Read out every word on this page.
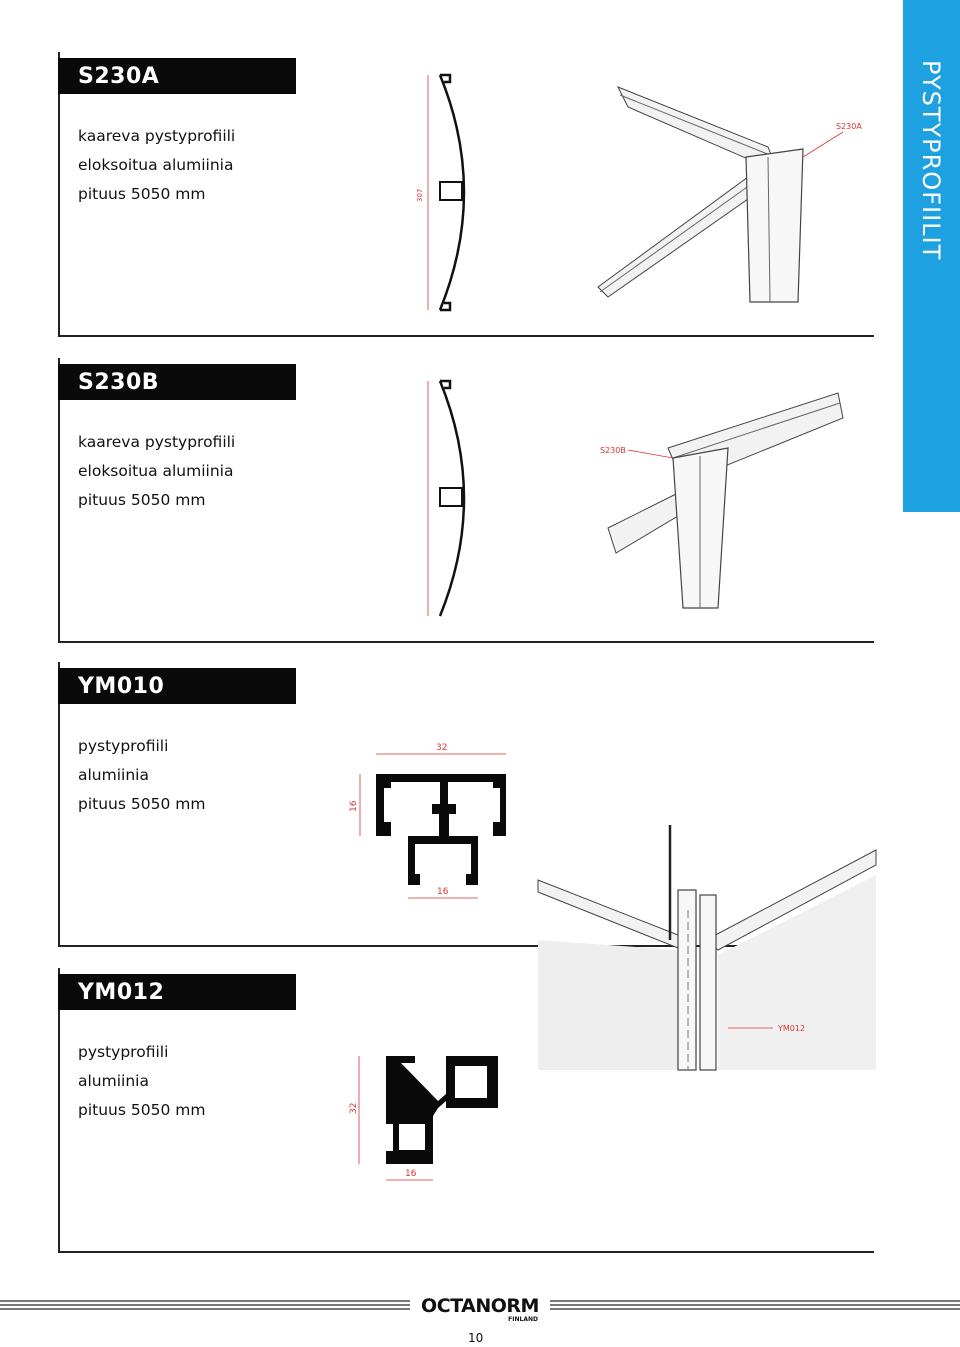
PYSTYPROFIILIT
S230A
kaareva pystyprofiili
eloksoitua alumiinia
pituus 5050 mm	307
S230A
S230B
kaareva pystyprofiili
eloksoitua alumiinia
pituus 5050 mm
S230B
YM010
pystyprofiili
alumiinia
pituus 5050 mm
32
16
16
YM012
pystyprofiili
alumiinia
pituus 5050 mm	32
16
YM012
OCTANORM
FINLAND
10
